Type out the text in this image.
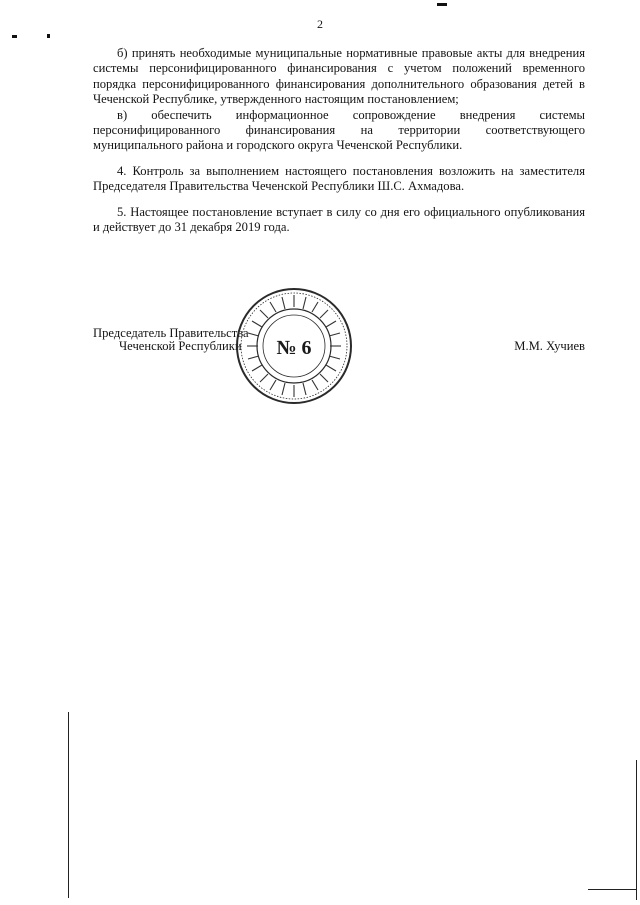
2

б) принять необходимые муниципальные нормативные правовые акты для внедрения системы персонифицированного финансирования с учетом положений временного порядка персонифицированного финансирования дополнительного образования детей в Чеченской Республике, утвержденного настоящим постановлением;

в) обеспечить информационное сопровождение внедрения системы персонифицированного финансирования на территории соответствующего муниципального района и городского округа Чеченской Республики.

4. Контроль за выполнением настоящего постановления возложить на заместителя Председателя Правительства Чеченской Республики Ш.С. Ахмадова.

5. Настоящее постановление вступает в силу со дня его официального опубликования и действует до 31 декабря 2019 года.

Председатель Правительства
Чеченской Республики	М.М. Хучиев
№ 6
